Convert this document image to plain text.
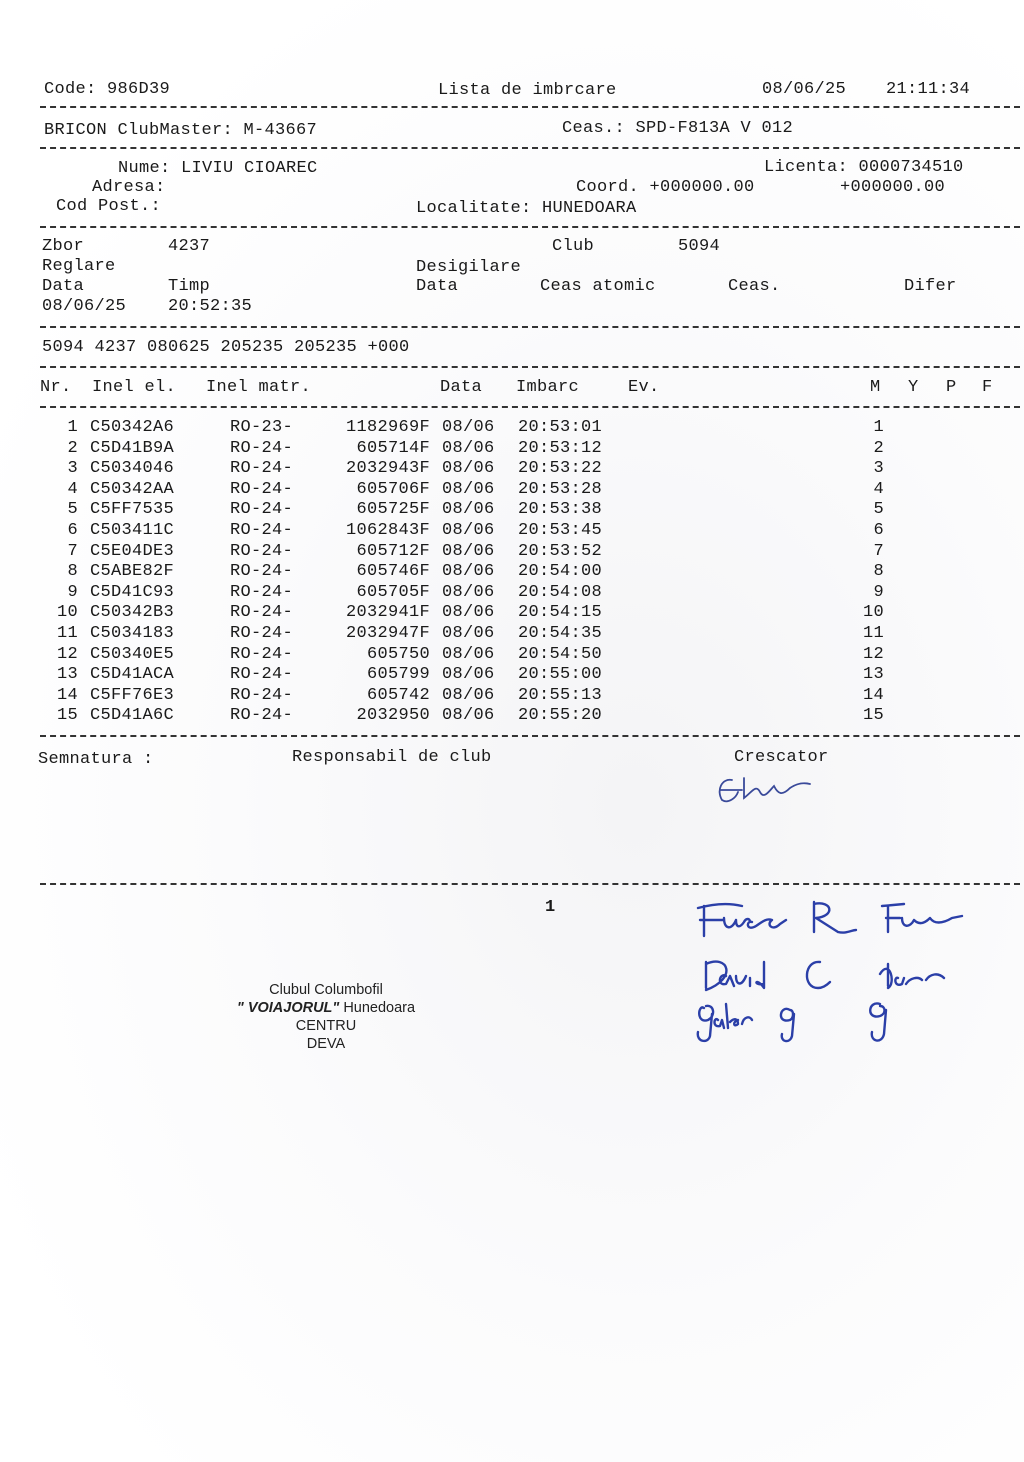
Code: 986D39	Lista de imbrcare	08/06/25 21:11:34
BRICON ClubMaster: M-43667	Ceas.: SPD-F813A V 012
Nume: LIVIU CIOAREC	Licenta: 0000734510
Adresa:	Coord. +000000.00	+000000.00
Cod Post.:	Localitate: HUNEDOARA
Zbor	4237	Club	5094
Reglare	Desigilare
Data	Timp	Data	Ceas atomic	Ceas.	Difer
08/06/25 20:52:35
5094 4237 080625 205235 205235 +000
Nr. Inel el. Inel matr.	Data Imbarc	Ev.	M Y P F
1 C50342A6	RO-23-	1182969F 08/06	20:53:01	1
2 C5D41B9A	RO-24-	605714F 08/06	20:53:12	2
3 C5034046	RO-24-	2032943F 08/06	20:53:22	3
4 C50342AA	RO-24-	605706F 08/06	20:53:28	4
5 C5FF7535	RO-24-	605725F 08/06	20:53:38	5
6 C503411C	RO-24-	1062843F 08/06	20:53:45	6
7 C5E04DE3	RO-24-	605712F 08/06	20:53:52	7
8 C5ABE82F	RO-24-	605746F 08/06	20:54:00	8
9 C5D41C93	RO-24-	605705F 08/06	20:54:08	9
10 C50342B3	RO-24-	2032941F 08/06	20:54:15	10
11 C5034183	RO-24-	2032947F 08/06	20:54:35	11
12 C50340E5	RO-24-	605750 08/06	20:54:50	12
13 C5D41ACA	RO-24-	605799 08/06	20:55:00	13
14 C5FF76E3	RO-24-	605742 08/06	20:55:13	14
15 C5D41A6C	RO-24-	2032950 08/06	20:55:20	15
Semnatura :	Responsabil de club	Crescator
1
Clubul Columbofil
" VOIAJORUL" Hunedoara
CENTRU
DEVA
